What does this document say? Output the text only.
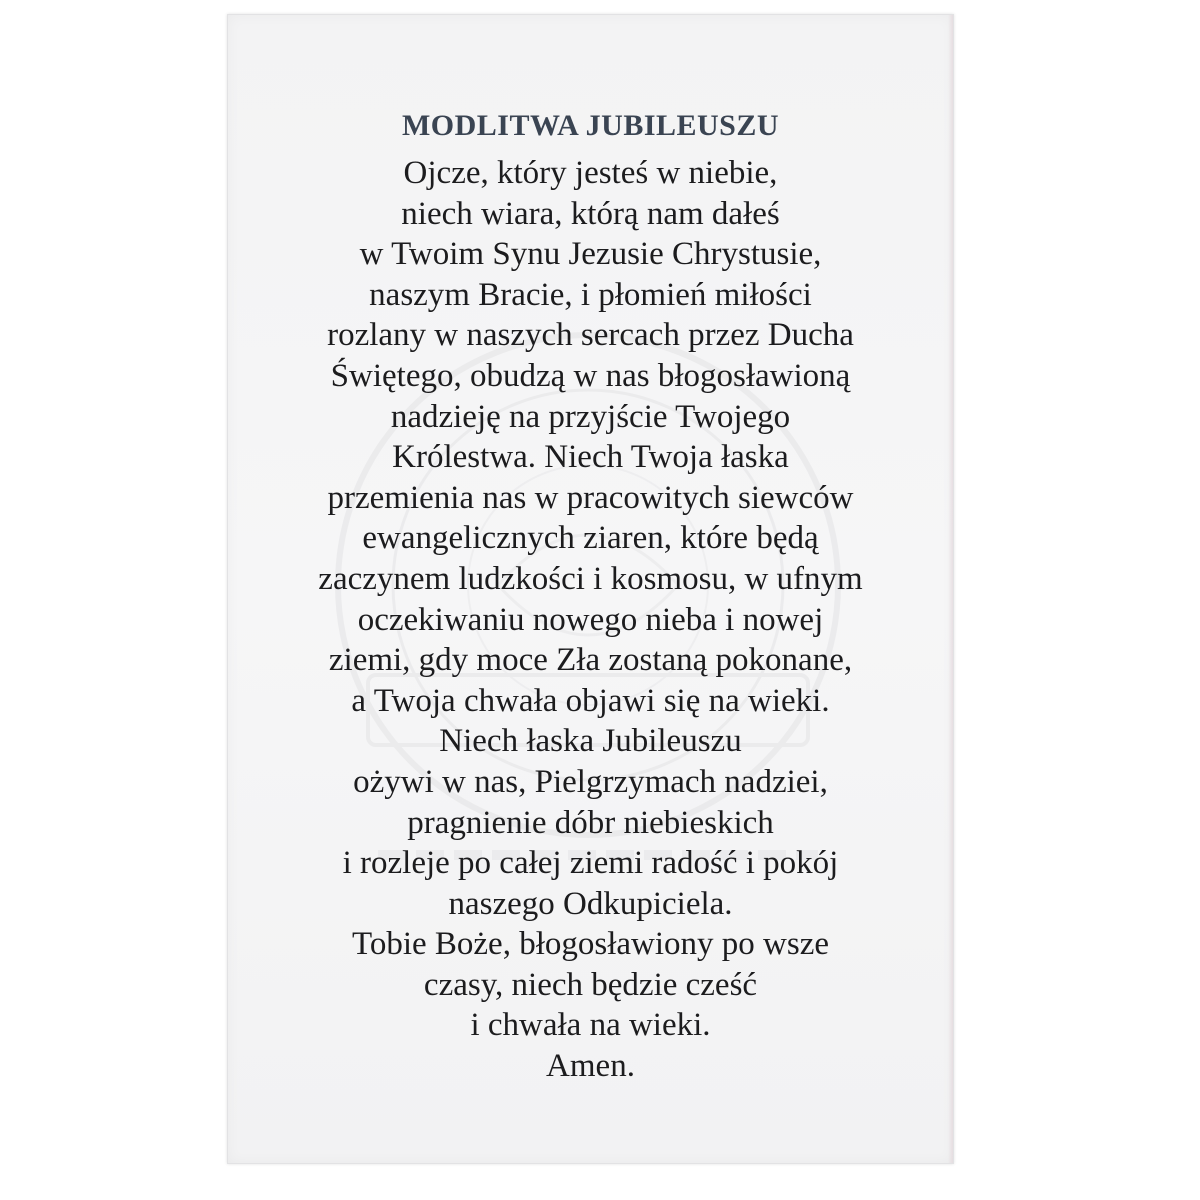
MODLITWA JUBILEUSZU
Ojcze, który jesteś w niebie,
niech wiara, którą nam dałeś
w Twoim Synu Jezusie Chrystusie,
naszym Bracie, i płomień miłości
rozlany w naszych sercach przez Ducha
Świętego, obudzą w nas błogosławioną
nadzieję na przyjście Twojego
Królestwa. Niech Twoja łaska
przemienia nas w pracowitych siewców
ewangelicznych ziaren, które będą
zaczynem ludzkości i kosmosu, w ufnym
oczekiwaniu nowego nieba i nowej
ziemi, gdy moce Zła zostaną pokonane,
a Twoja chwała objawi się na wieki.
Niech łaska Jubileuszu
ożywi w nas, Pielgrzymach nadziei,
pragnienie dóbr niebieskich
i rozleje po całej ziemi radość i pokój
naszego Odkupiciela.
Tobie Boże, błogosławiony po wsze
czasy, niech będzie cześć
i chwała na wieki.
Amen.
